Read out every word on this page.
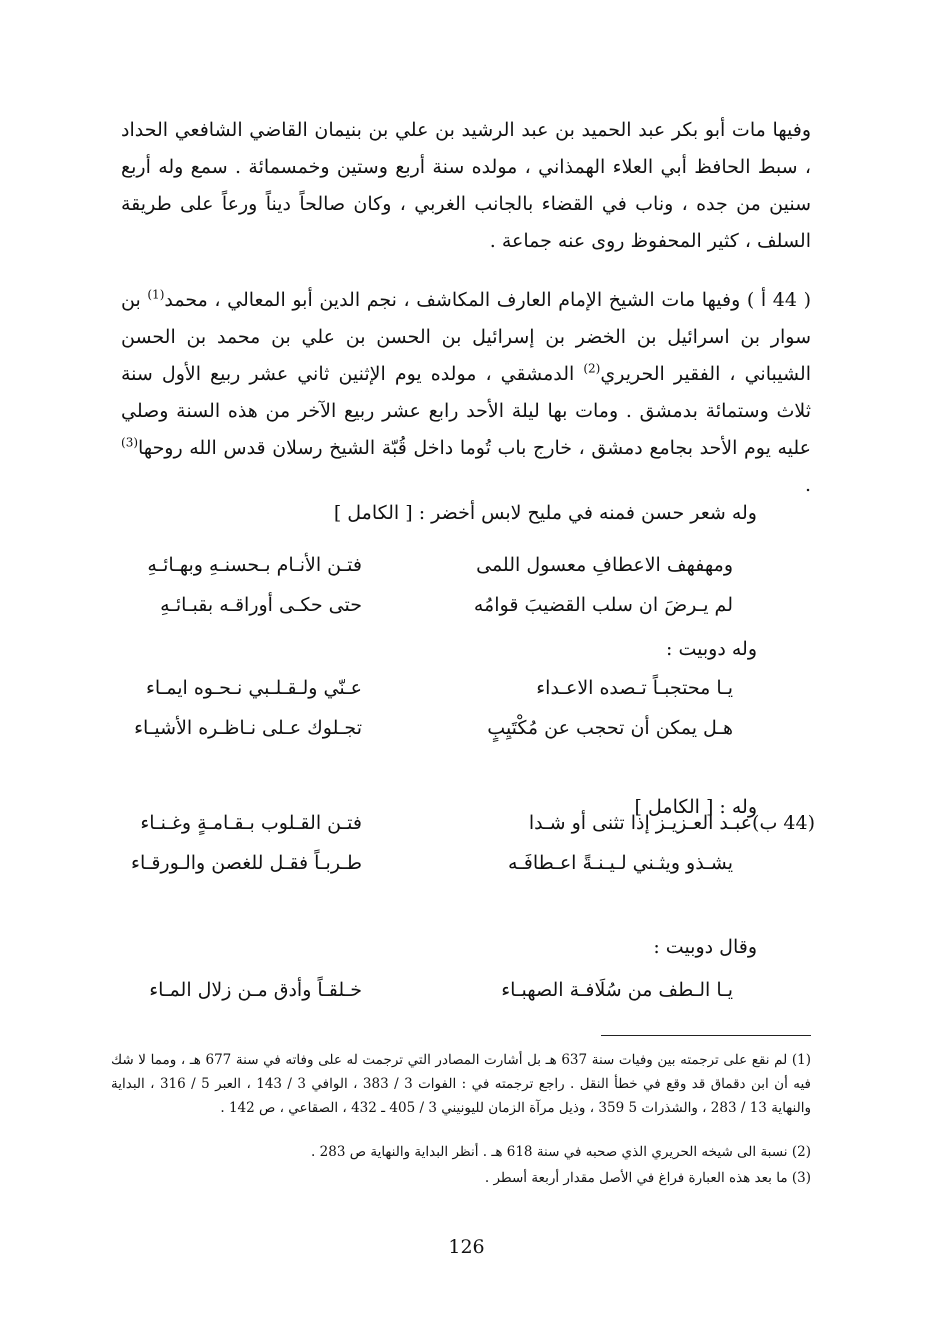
وفيها مات أبو بكر عبد الحميد بن عبد الرشيد بن علي بن بنيمان القاضي الشافعي الحداد ، سبط الحافظ أبي العلاء الهمذاني ، مولده سنة أربع وستين وخمسمائة . سمع وله أربع سنين من جده ، وناب في القضاء بالجانب الغربي ، وكان صالحاً ديناً ورعاً على طريقة السلف ، كثير المحفوظ روى عنه جماعة .

( 44 أ ) وفيها مات الشيخ الإمام العارف المكاشف ، نجم الدين أبو المعالي ، محمد$^{(1)}$ بن سوار بن اسرائيل بن الخضر بن إسرائيل بن الحسن بن علي بن محمد بن الحسن الشيباني ، الفقير الحريري$^{(2)}$ الدمشقي ، مولده يوم الإثنين ثاني عشر ربيع الأول سنة ثلاث وستمائة بدمشق . ومات بها ليلة الأحد رابع عشر ربيع الآخر من هذه السنة وصلي عليه يوم الأحد بجامع دمشق ، خارج باب تُوما داخل قُبّة الشيخ رسلان قدس الله روحها$^{(3)}$ .

وله شعر حسن فمنه في مليح لابس أخضر : [ الكامل ]
ومهفهف الاعطافِ معسول اللمى
فتـن الأنـام بـحسنـهِ وبهـائـهِ
لم يـرضَ ان سلب القضيبَ قوامُه
حتى حكـى أوراقـه بقبـائـهِ
وله دوبيت :
يـا محتجبـاً تـصده الاعـداء
عـنّي ولـقـلـبي نـحـوه ايمـاء
هـل يمكن أن تحجب عن مُكْتَيِبٍ
تجـلوك عـلى نـاظـره الأشيـاء
وله : [ الكامل ]
(44 ب)عبـد العـزيـز إذا تثنى أو شـدا
فتـن القـلوب بـقـامـةٍ وغـنـاء
يشـذو ويثـني لـيـنـةً اعـطافَـه
طـربـاً فقـل للغصن والـورقـاء
وقال دوبيت :
يـا الـطف من سُلَافـة الصهبـاء
خـلقـاً وأدق مـن زلال المـاء
(1) لم نقع على ترجمته بين وفيات سنة 637 هـ بل أشارت المصادر التي ترجمت له على وفاته في سنة 677 هـ ، ومما لا شك فيه أن ابن دقماق قد وقع في خطأ النقل . راجع ترجمته في : الفوات 3 / 383 ، الوافي 3 / 143 ، العبر 5 / 316 ، البداية والنهاية 13 / 283 ، والشذرات 5 359 ، وذيل مرآة الزمان لليونيني 3 / 405 ـ 432 ، الصقاعي ، ص 142 .
(2) نسبة الى شيخه الحريري الذي صحبه في سنة 618 هـ . أنظر البداية والنهاية ص 283 .
(3) ما بعد هذه العبارة فراغ في الأصل مقدار أربعة أسطر .
126
